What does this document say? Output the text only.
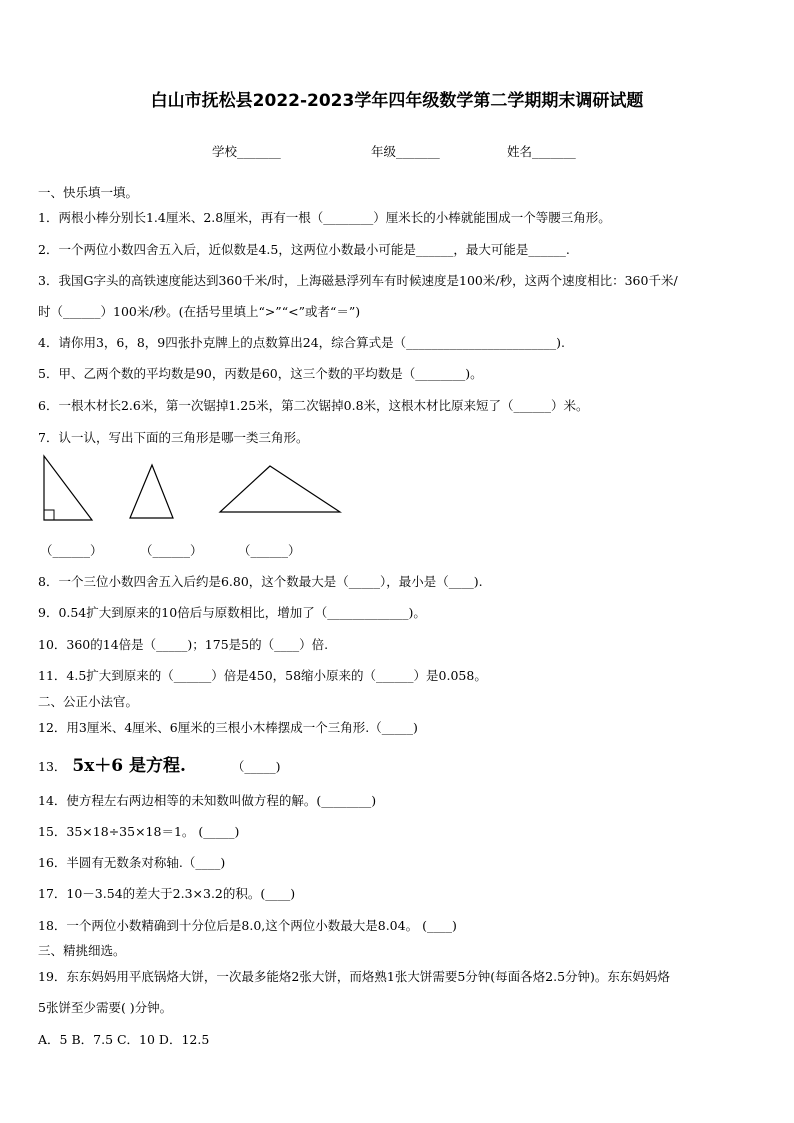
白山市抚松县2022-2023学年四年级数学第二学期期末调研试题
学校_______	年级_______	姓名_______
一、快乐填一填。
1．两根小棒分别长1.4厘米、2.8厘米，再有一根（________）厘米长的小棒就能围成一个等腰三角形。
2．一个两位小数四舍五入后，近似数是4.5，这两位小数最小可能是______，最大可能是______.
3．我国G字头的高铁速度能达到360千米/时，上海磁悬浮列车有时候速度是100米/秒，这两个速度相比：360千米/
时（______）100米/秒。(在括号里填上“>”“<”或者“＝”)
4．请你用3，6，8，9四张扑克牌上的点数算出24，综合算式是（________________________).
5．甲、乙两个数的平均数是90，丙数是60，这三个数的平均数是（________)。
6．一根木材长2.6米，第一次锯掉1.25米，第二次锯掉0.8米，这根木材比原来短了（______）米。
7．认一认，写出下面的三角形是哪一类三角形。
（______）	（______）	（______）
8．一个三位小数四舍五入后约是6.80，这个数最大是（_____），最小是（____).
9．0.54扩大到原来的10倍后与原数相比，增加了（_____________)。
10．360的14倍是（_____)；175是5的（____）倍.
11．4.5扩大到原来的（______）倍是450，58缩小原来的（______）是0.058。
二、公正小法官。
12．用3厘米、4厘米、6厘米的三根小木棒摆成一个三角形.（_____)
13． 5x＋6 是方程.	（_____)
14．使方程左右两边相等的未知数叫做方程的解。(________)
15．35×18÷35×18＝1。 (_____)
16．半圆有无数条对称轴.（____)
17．10－3.54的差大于2.3×3.2的积。(____)
18．一个两位小数精确到十分位后是8.0,这个两位小数最大是8.04。 (____)
三、精挑细选。
19．东东妈妈用平底锅烙大饼，一次最多能烙2张大饼，而烙熟1张大饼需要5分钟(每面各烙2.5分钟)。东东妈妈烙
5张饼至少需要( )分钟。
A．5 B．7.5 C．10 D．12.5
